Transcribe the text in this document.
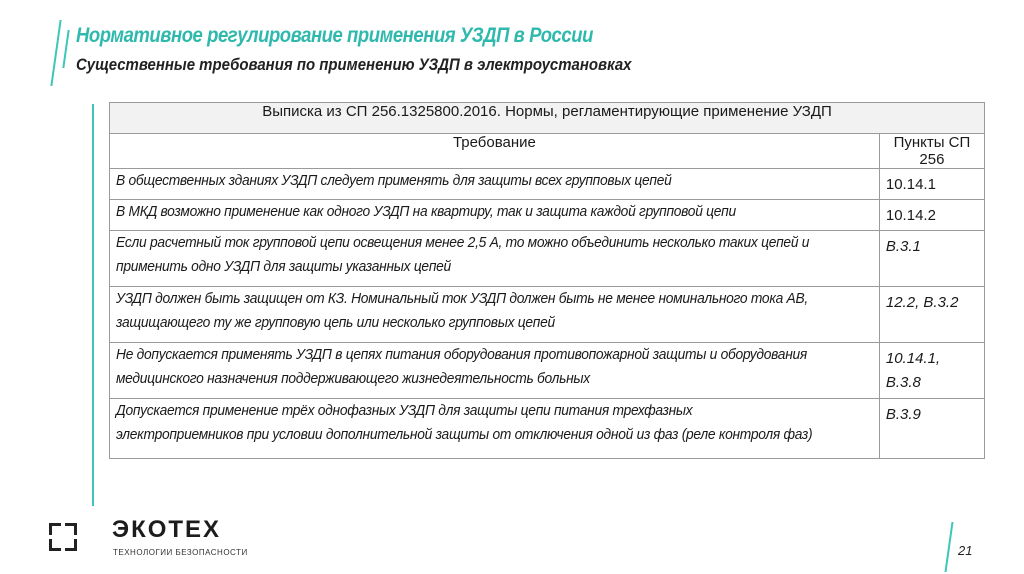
Нормативное регулирование применения УЗДП в России
Существенные требования по применению УЗДП в электроустановках
Выписка из СП 256.1325800.2016. Нормы, регламентирующие применение УЗДП	
Требование	Пункты СП 256
В общественных зданиях УЗДП следует применять для защиты всех групповых цепей	10.14.1
В МКД возможно применение как одного УЗДП на квартиру, так и защита каждой групповой цепи	10.14.2
Если расчетный ток групповой цепи освещения менее 2,5 А, то можно объединить несколько таких цепей и
применить одно УЗДП для защиты указанных цепей	В.3.1
УЗДП должен быть защищен от КЗ. Номинальный ток УЗДП должен быть не менее номинального тока АВ,
защищающего ту же групповую цепь или несколько групповых цепей	12.2, В.3.2
Не допускается применять УЗДП в цепях питания оборудования противопожарной защиты и оборудования
медицинского назначения поддерживающего жизнедеятельность больных	10.14.1, В.3.8
Допускается применение трёх однофазных УЗДП для защиты цепи питания трехфазных
электроприемников при условии дополнительной защиты от отключения одной из фаз (реле контроля фаз)	В.3.9
ЭКОТЕХ
ТЕХНОЛОГИИ БЕЗОПАСНОСТИ	21
